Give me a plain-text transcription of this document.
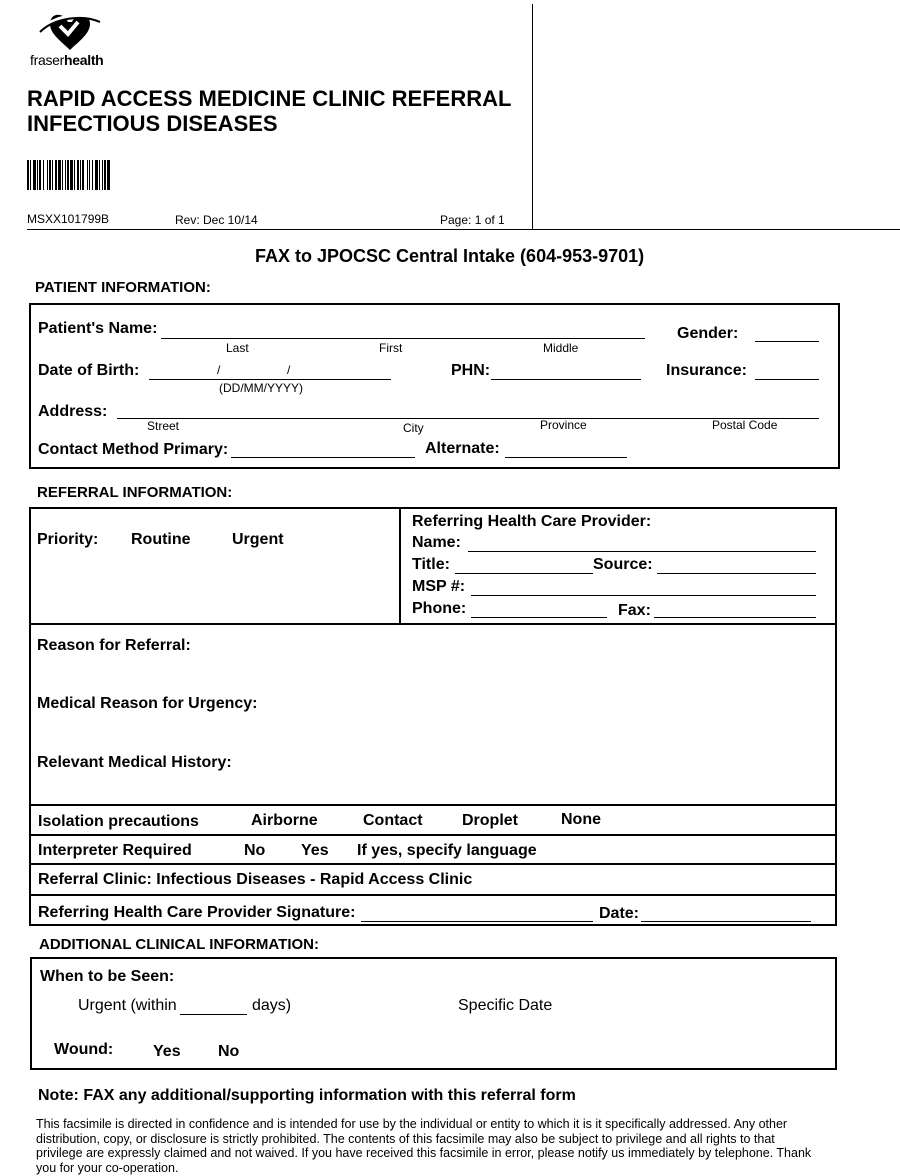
fraserhealth
RAPID ACCESS MEDICINE CLINIC REFERRAL
INFECTIOUS DISEASES
MSXX101799B	Rev: Dec 10/14	Page: 1 of 1
FAX to JPOCSC Central Intake (604-953-9701)
PATIENT INFORMATION:
Patient's Name:
Last	First	Middle
Gender:
Date of Birth:	/	/
(DD/MM/YYYY)
PHN:	Insurance:
Address:
Street	City	Province	Postal Code
Contact Method Primary:	Alternate:
REFERRAL INFORMATION:
Priority: Routine	Urgent
Referring Health Care Provider:
Name:
Title:	Source:
MSP #:
Phone:	Fax:
Reason for Referral:
Medical Reason for Urgency:
Relevant Medical History:
Isolation precautions	Airborne	Contact Droplet	None
Interpreter Required	No Yes If yes, specify language
Referral Clinic: Infectious Diseases - Rapid Access Clinic
Referring Health Care Provider Signature:	Date:
ADDITIONAL CLINICAL INFORMATION:
When to be Seen:
Urgent (within	days)	Specific Date
Wound: Yes No
Note: FAX any additional/supporting information with this referral form
This facsimile is directed in confidence and is intended for use by the individual or entity to which it is it specifically addressed. Any other
distribution, copy, or disclosure is strictly prohibited. The contents of this facsimile may also be subject to privilege and all rights to that
privilege are expressly claimed and not waived. If you have received this facsimile in error, please notify us immediately by telephone. Thank
you for your co-operation.
